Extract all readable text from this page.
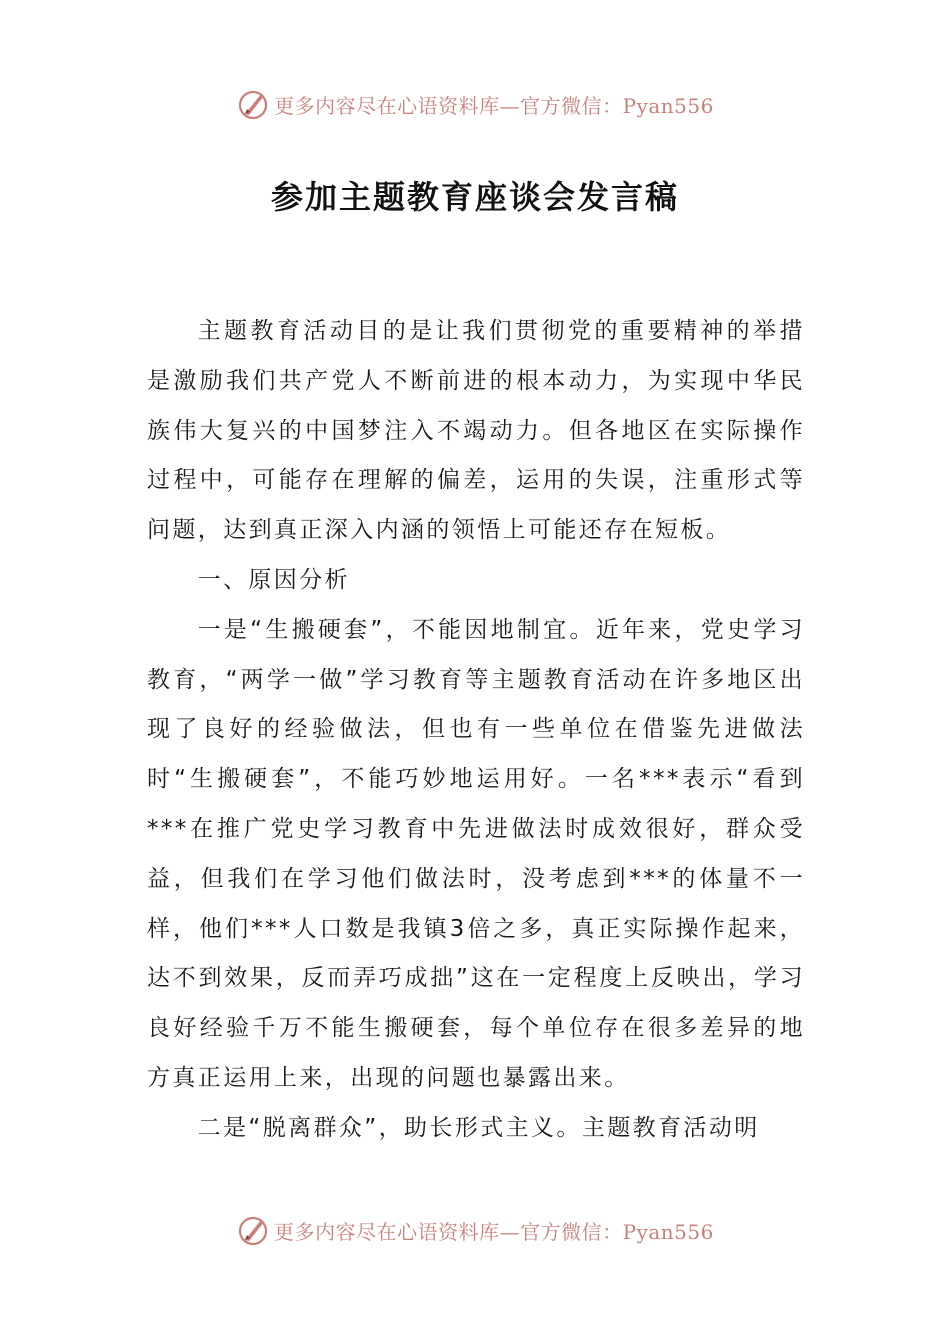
更多内容尽在心语资料库—官方微信：Pyan556
参加主题教育座谈会发言稿

主题教育活动目的是让我们贯彻党的重要精神的举措是激励我们共产党人不断前进的根本动力，为实现中华民族伟大复兴的中国梦注入不竭动力。但各地区在实际操作过程中，可能存在理解的偏差，运用的失误，注重形式等问题，达到真正深入内涵的领悟上可能还存在短板。

一、原因分析

一是“生搬硬套”，不能因地制宜。近年来，党史学习教育，“两学一做”学习教育等主题教育活动在许多地区出现了良好的经验做法，但也有一些单位在借鉴先进做法时“生搬硬套”，不能巧妙地运用好。一名***表示“看到***在推广党史学习教育中先进做法时成效很好，群众受益，但我们在学习他们做法时，没考虑到***的体量不一样，他们***人口数是我镇3倍之多，真正实际操作起来，达不到效果，反而弄巧成拙”这在一定程度上反映出，学习良好经验千万不能生搬硬套，每个单位存在很多差异的地方真正运用上来，出现的问题也暴露出来。

二是“脱离群众”，助长形式主义。主题教育活动明

更多内容尽在心语资料库—官方微信：Pyan556
